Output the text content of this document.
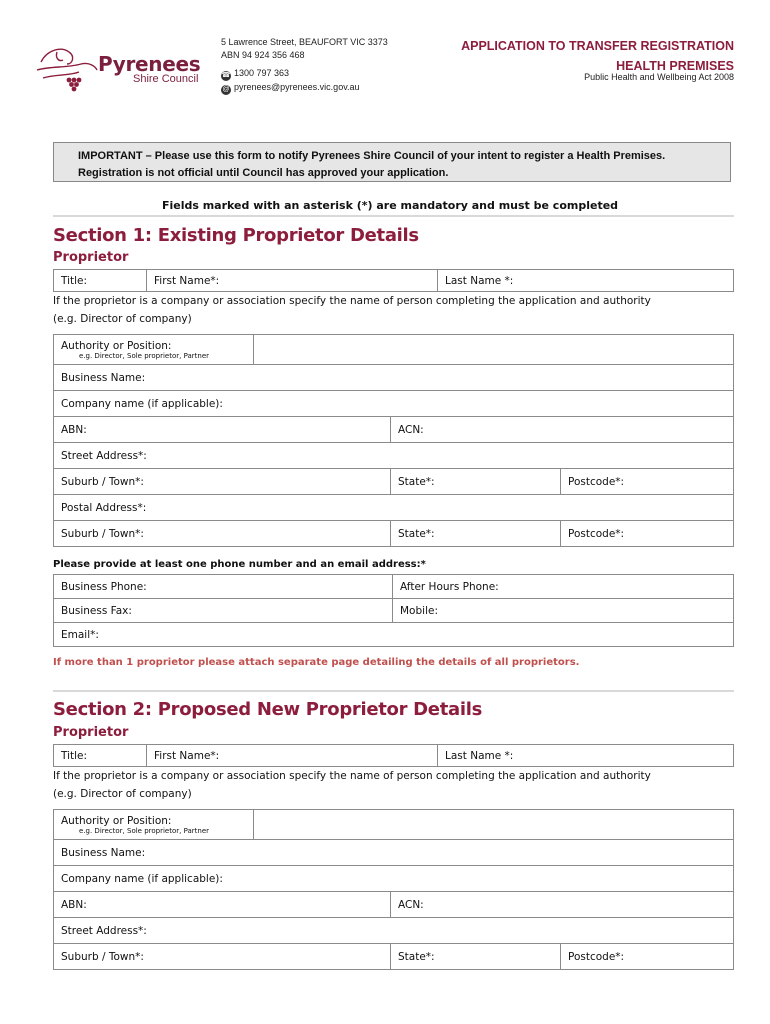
Pyrenees
Shire Council
5 Lawrence Street, BEAUFORT VIC 3373
ABN 94 924 356 468
☎ 1300 797 363
@ pyrenees@pyrenees.vic.gov.au
APPLICATION TO TRANSFER REGISTRATION
HEALTH PREMISES
Public Health and Wellbeing Act 2008
IMPORTANT – Please use this form to notify Pyrenees Shire Council of your intent to register a Health Premises.
Registration is not official until Council has approved your application.
Fields marked with an asterisk (*) are mandatory and must be completed
Section 1: Existing Proprietor Details
Proprietor
Title:	First Name*:	Last Name *:
If the proprietor is a company or association specify the name of person completing the application and authority
(e.g. Director of company)
Authority or Position:
e.g. Director, Sole proprietor, Partner			

Business Name:			
Company name (if applicable):			
ABN:		ACN:	
Street Address*:			
Suburb / Town*:		State*:	Postcode*:
Postal Address*:			
Suburb / Town*:		State*:	Postcode*:
Please provide at least one phone number and an email address:*
Business Phone:	After Hours Phone:
Business Fax:	Mobile:
Email*:	
If more than 1 proprietor please attach separate page detailing the details of all proprietors.
Section 2: Proposed New Proprietor Details
Proprietor
Title:	First Name*:	Last Name *:
If the proprietor is a company or association specify the name of person completing the application and authority
(e.g. Director of company)
Authority or Position:
e.g. Director, Sole proprietor, Partner			

Business Name:			
Company name (if applicable):			
ABN:		ACN:	
Street Address*:			
Suburb / Town*:		State*:	Postcode*:
